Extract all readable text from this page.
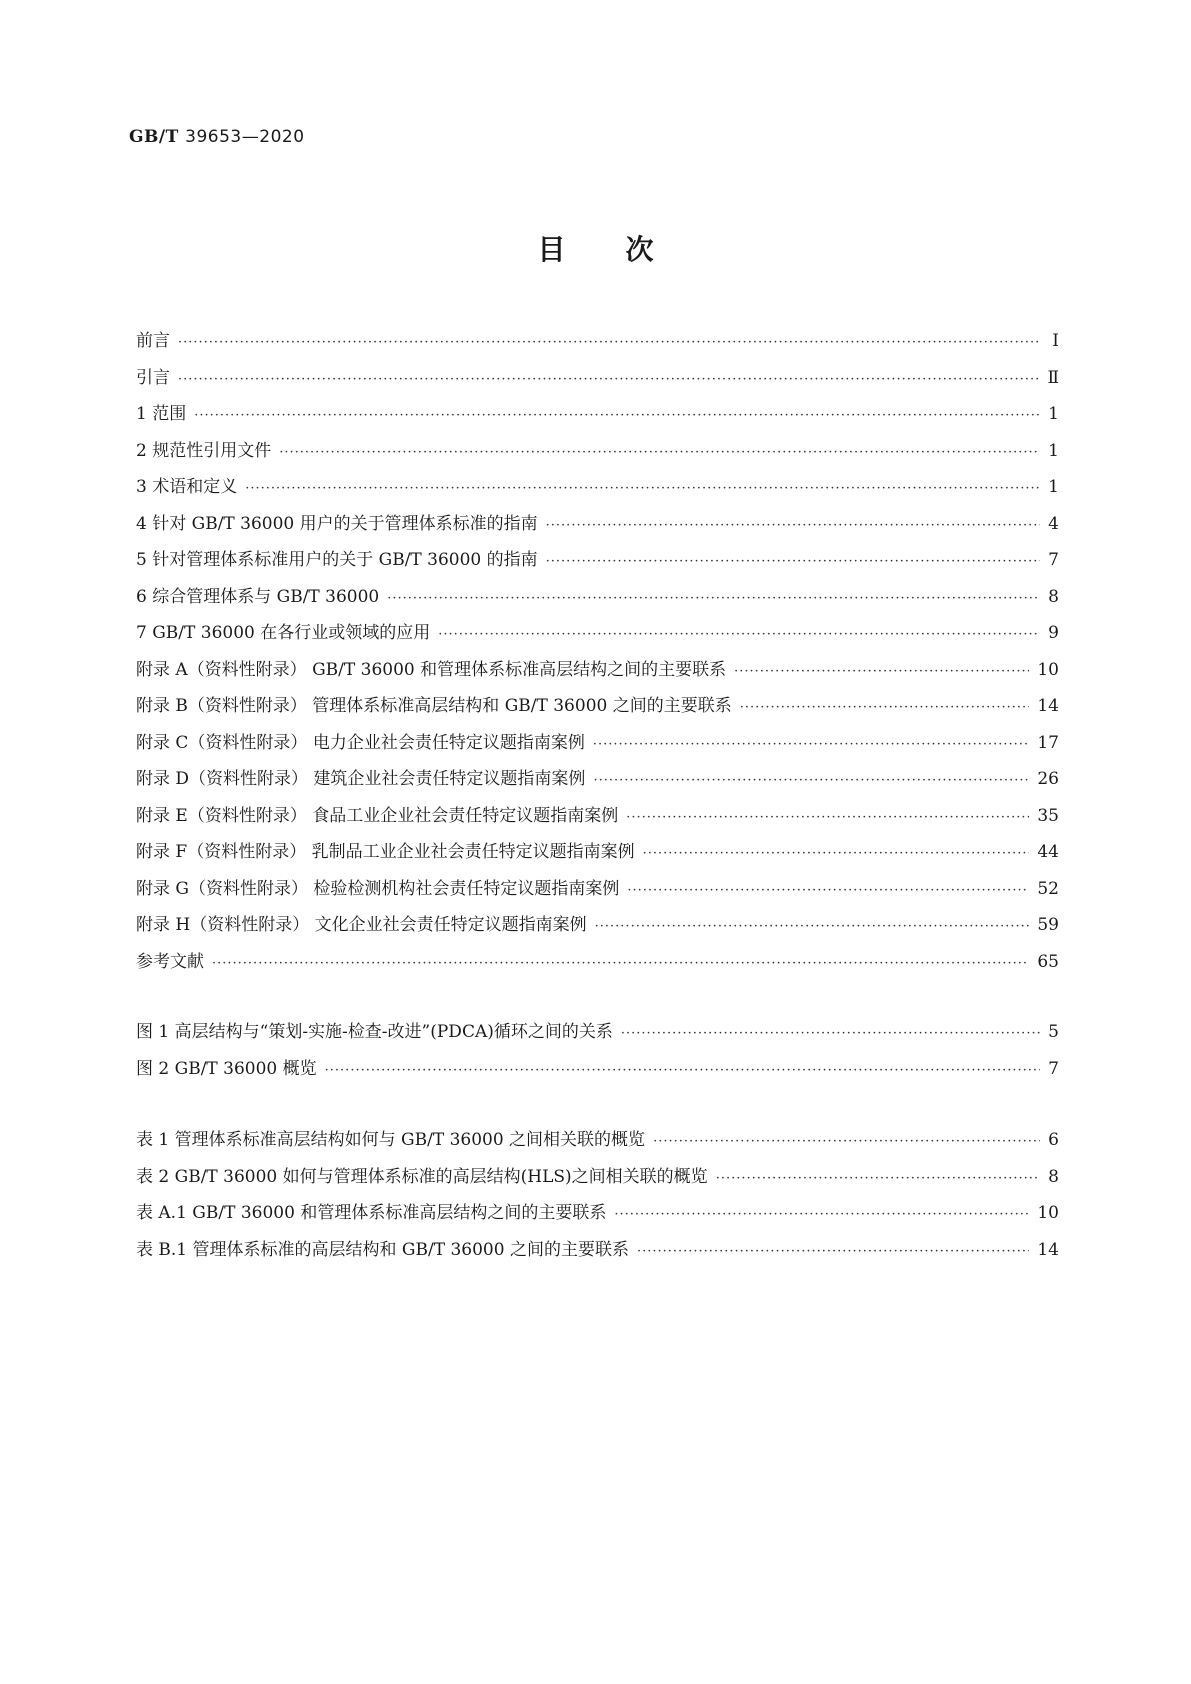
GB/T 39653—2020
目次
前言 ·····	Ⅰ
引言 ·····	Ⅱ
1 范围 ·····	1
2 规范性引用文件 ·····	1
3 术语和定义 ·····	1
4 针对 GB/T 36000 用户的关于管理体系标准的指南 ·····	4
5 针对管理体系标准用户的关于 GB/T 36000 的指南 ·····	7
6 综合管理体系与 GB/T 36000 ·····	8
7 GB/T 36000 在各行业或领域的应用 ·····	9
附录 A（资料性附录） GB/T 36000 和管理体系标准高层结构之间的主要联系 ·····	10
附录 B（资料性附录） 管理体系标准高层结构和 GB/T 36000 之间的主要联系 ·····	14
附录 C（资料性附录） 电力企业社会责任特定议题指南案例 ·····	17
附录 D（资料性附录） 建筑企业社会责任特定议题指南案例 ·····	26
附录 E（资料性附录） 食品工业企业社会责任特定议题指南案例 ·····	35
附录 F（资料性附录） 乳制品工业企业社会责任特定议题指南案例 ·····	44
附录 G（资料性附录） 检验检测机构社会责任特定议题指南案例 ·····	52
附录 H（资料性附录） 文化企业社会责任特定议题指南案例 ·····	59
参考文献 ·····	65
图 1 高层结构与“策划-实施-检查-改进”(PDCA)循环之间的关系 ·····	5
图 2 GB/T 36000 概览 ·····	7
表 1 管理体系标准高层结构如何与 GB/T 36000 之间相关联的概览 ·····	6
表 2 GB/T 36000 如何与管理体系标准的高层结构(HLS)之间相关联的概览 ·····	8
表 A.1 GB/T 36000 和管理体系标准高层结构之间的主要联系 ·····	10
表 B.1 管理体系标准的高层结构和 GB/T 36000 之间的主要联系 ·····	14
